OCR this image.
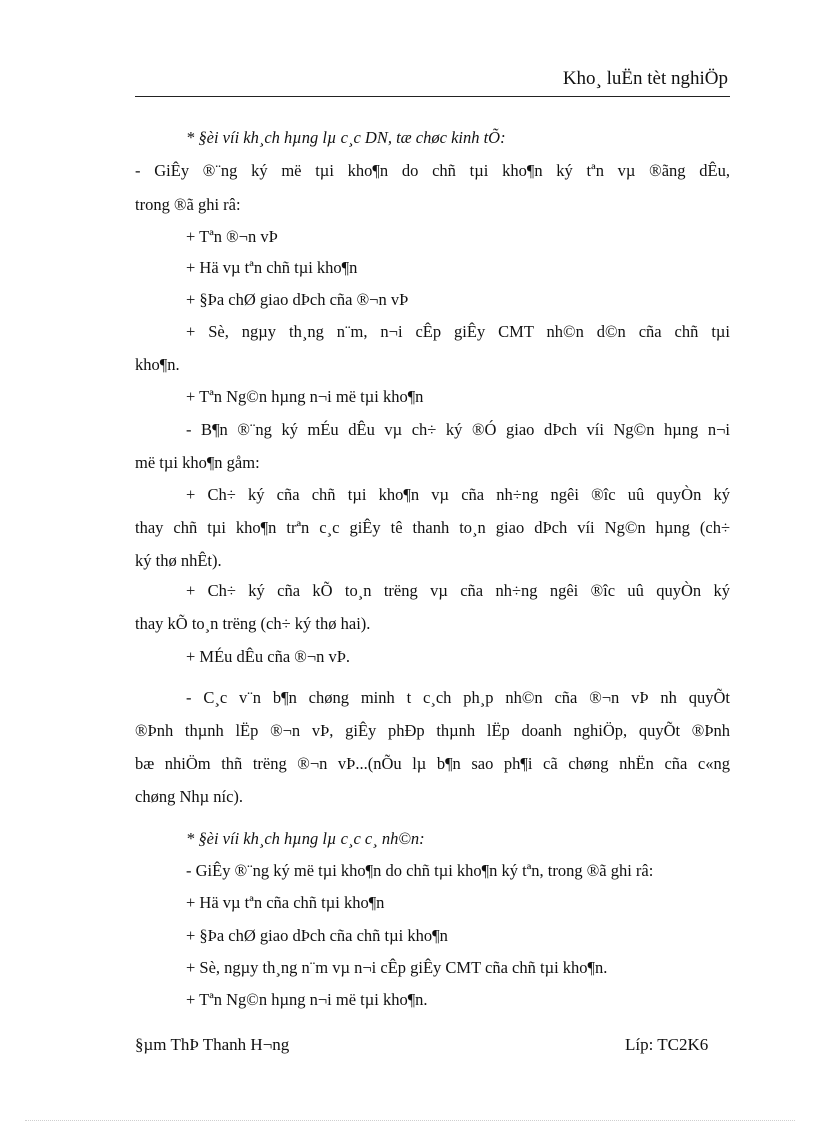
Kho¸ luËn tèt nghiÖp
* §èi víi kh¸ch hµng lµ c¸c DN, tæ chøc kinh tÕ:
- GiÊy ®¨ng ký më tµi kho¶n do chñ tµi kho¶n ký tªn vµ ®ãng dÊu,
trong ®ã ghi râ:
+ Tªn ®¬n vÞ
+ Hä vµ tªn chñ tµi kho¶n
+ §Þa chØ giao dÞch cña ®¬n vÞ
+ Sè, ngµy th¸ng n¨m, n¬i cÊp giÊy CMT nh©n d©n cña chñ tµi
kho¶n.
+ Tªn Ng©n hµng n¬i më tµi kho¶n
- B¶n ®¨ng ký mÉu dÊu vµ ch÷ ký ®Ó giao dÞch víi Ng©n hµng n¬i
më tµi kho¶n gåm:
+ Ch÷ ký cña chñ tµi kho¶n vµ cña nh÷ng ngêi ®îc uû quyÒn ký
thay chñ tµi kho¶n trªn c¸c giÊy tê thanh to¸n giao dÞch víi Ng©n hµng (ch÷
ký thø nhÊt).
+ Ch÷ ký cña kÕ to¸n trëng vµ cña nh÷ng ngêi ®îc uû quyÒn ký
thay kÕ to¸n trëng (ch÷ ký thø hai).
+ MÉu dÊu cña ®¬n vÞ.
- C¸c v¨n b¶n chøng minh t c¸ch ph¸p nh©n cña ®¬n vÞ nh quyÕt
®Þnh thµnh lËp ®¬n vÞ, giÊy phÐp thµnh lËp doanh nghiÖp, quyÕt ®Þnh
bæ nhiÖm thñ trëng ®¬n vÞ...(nÕu lµ b¶n sao ph¶i cã chøng nhËn cña c«ng
chøng Nhµ níc).
* §èi víi kh¸ch hµng lµ c¸c c¸ nh©n:
- GiÊy ®¨ng ký më tµi kho¶n do chñ tµi kho¶n ký tªn, trong ®ã ghi râ:
+ Hä vµ tªn cña chñ tµi kho¶n
+ §Þa chØ giao dÞch cña chñ tµi kho¶n
+ Sè, ngµy th¸ng n¨m vµ n¬i cÊp giÊy CMT cña chñ tµi kho¶n.
+ Tªn Ng©n hµng n¬i më tµi kho¶n.
§µm ThÞ Thanh H¬ng	Líp: TC2K6
